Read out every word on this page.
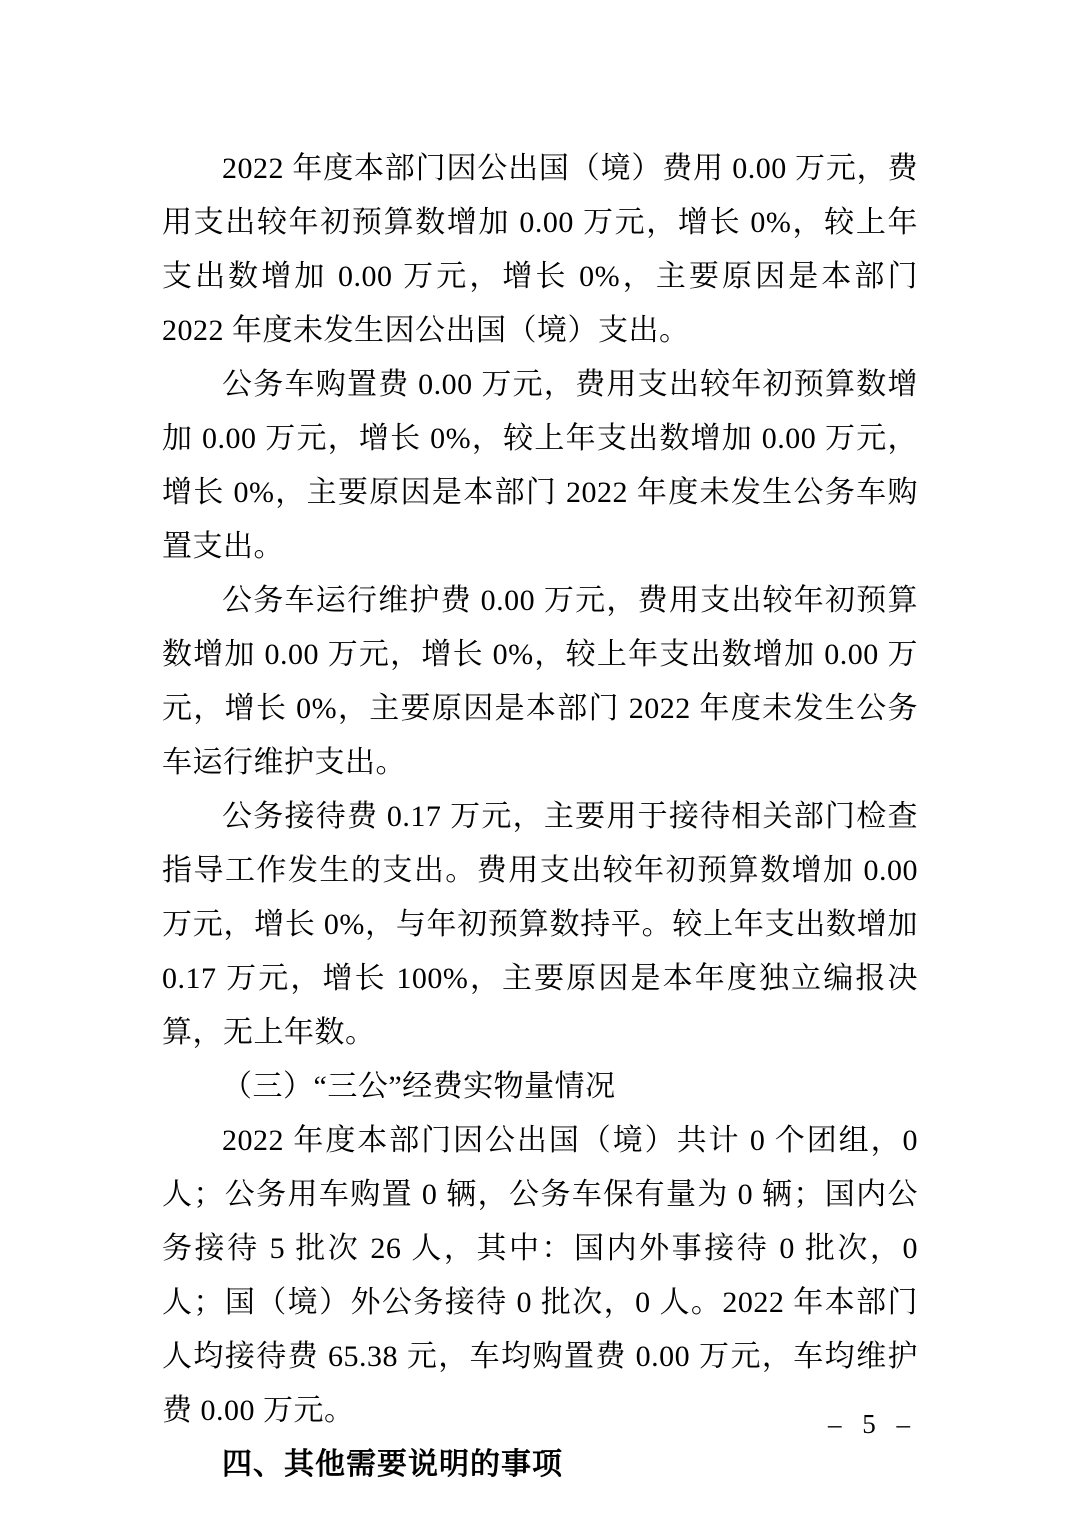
2022 年度本部门因公出国（境）费用 0.00 万元，费用支出较年初预算数增加 0.00 万元，增长 0%，较上年支出数增加 0.00 万元，增长 0%，主要原因是本部门 2022 年度未发生因公出国（境）支出。

公务车购置费 0.00 万元，费用支出较年初预算数增加 0.00 万元，增长 0%，较上年支出数增加 0.00 万元，增长 0%，主要原因是本部门 2022 年度未发生公务车购置支出。

公务车运行维护费 0.00 万元，费用支出较年初预算数增加 0.00 万元，增长 0%，较上年支出数增加 0.00 万元，增长 0%，主要原因是本部门 2022 年度未发生公务车运行维护支出。

公务接待费 0.17 万元，主要用于接待相关部门检查指导工作发生的支出。费用支出较年初预算数增加 0.00 万元，增长 0%，与年初预算数持平。较上年支出数增加 0.17 万元，增长 100%，主要原因是本年度独立编报决算，无上年数。

（三）“三公”经费实物量情况

2022 年度本部门因公出国（境）共计 0 个团组，0 人；公务用车购置 0 辆，公务车保有量为 0 辆；国内公务接待 5 批次 26 人，其中：国内外事接待 0 批次，0 人；国（境）外公务接待 0 批次，0 人。2022 年本部门人均接待费 65.38 元，车均购置费 0.00 万元，车均维护费 0.00 万元。

四、其他需要说明的事项

– 5 –
